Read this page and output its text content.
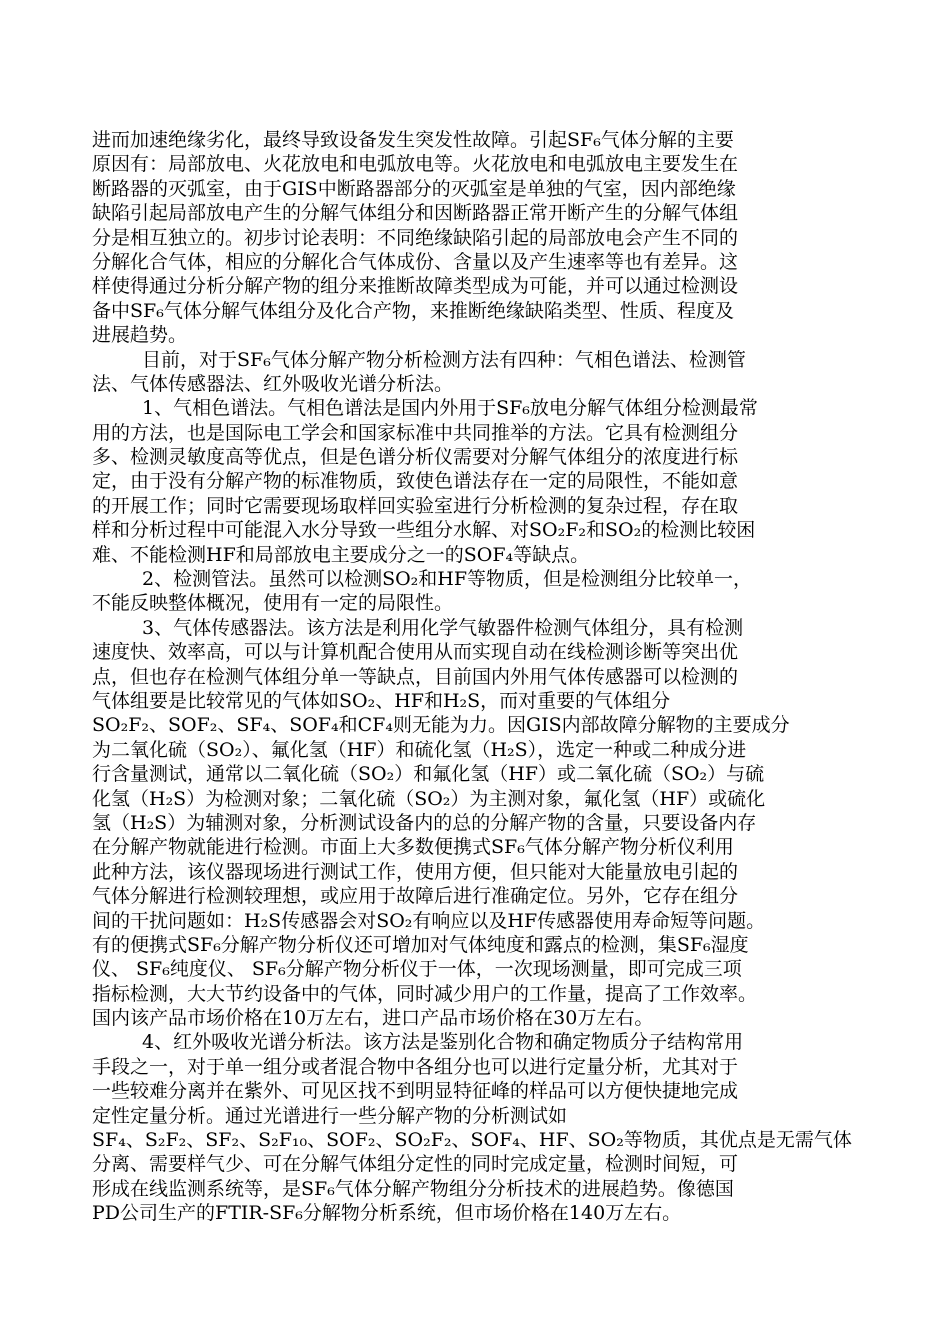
进而加速绝缘劣化，最终导致设备发生突发性故障。引起SF₆气体分解的主要
原因有：局部放电、火花放电和电弧放电等。火花放电和电弧放电主要发生在
断路器的灭弧室，由于GIS中断路器部分的灭弧室是单独的气室，因内部绝缘
缺陷引起局部放电产生的分解气体组分和因断路器正常开断产生的分解气体组
分是相互独立的。初步讨论表明：不同绝缘缺陷引起的局部放电会产生不同的
分解化合气体，相应的分解化合气体成份、含量以及产生速率等也有差异。这
样使得通过分析分解产物的组分来推断故障类型成为可能，并可以通过检测设
备中SF₆气体分解气体组分及化合产物，来推断绝缘缺陷类型、性质、程度及
进展趋势。
目前，对于SF₆气体分解产物分析检测方法有四种：气相色谱法、检测管
法、气体传感器法、红外吸收光谱分析法。
1、气相色谱法。气相色谱法是国内外用于SF₆放电分解气体组分检测最常
用的方法，也是国际电工学会和国家标准中共同推举的方法。它具有检测组分
多、检测灵敏度高等优点，但是色谱分析仪需要对分解气体组分的浓度进行标
定，由于没有分解产物的标准物质，致使色谱法存在一定的局限性，不能如意
的开展工作；同时它需要现场取样回实验室进行分析检测的复杂过程，存在取
样和分析过程中可能混入水分导致一些组分水解、对SO₂F₂和SO₂的检测比较困
难、不能检测HF和局部放电主要成分之一的SOF₄等缺点。
2、检测管法。虽然可以检测SO₂和HF等物质，但是检测组分比较单一，
不能反映整体概况，使用有一定的局限性。
3、气体传感器法。该方法是利用化学气敏器件检测气体组分，具有检测
速度快、效率高，可以与计算机配合使用从而实现自动在线检测诊断等突出优
点，但也存在检测气体组分单一等缺点，目前国内外用气体传感器可以检测的
气体组要是比较常见的气体如SO₂、HF和H₂S，而对重要的气体组分
SO₂F₂、SOF₂、SF₄、SOF₄和CF₄则无能为力。因GIS内部故障分解物的主要成分
为二氧化硫（SO₂）、氟化氢（HF）和硫化氢（H₂S），选定一种或二种成分进
行含量测试，通常以二氧化硫（SO₂）和氟化氢（HF）或二氧化硫（SO₂）与硫
化氢（H₂S）为检测对象；二氧化硫（SO₂）为主测对象，氟化氢（HF）或硫化
氢（H₂S）为辅测对象，分析测试设备内的总的分解产物的含量，只要设备内存
在分解产物就能进行检测。市面上大多数便携式SF₆气体分解产物分析仪利用
此种方法，该仪器现场进行测试工作，使用方便，但只能对大能量放电引起的
气体分解进行检测较理想，或应用于故障后进行准确定位。另外，它存在组分
间的干扰问题如：H₂S传感器会对SO₂有响应以及HF传感器使用寿命短等问题。
有的便携式SF₆分解产物分析仪还可增加对气体纯度和露点的检测，集SF₆湿度
仪、 SF₆纯度仪、 SF₆分解产物分析仪于一体，一次现场测量，即可完成三项
指标检测，大大节约设备中的气体，同时减少用户的工作量，提高了工作效率。
国内该产品市场价格在10万左右，进口产品市场价格在30万左右。
4、红外吸收光谱分析法。该方法是鉴别化合物和确定物质分子结构常用
手段之一，对于单一组分或者混合物中各组分也可以进行定量分析，尤其对于
一些较难分离并在紫外、可见区找不到明显特征峰的样品可以方便快捷地完成
定性定量分析。通过光谱进行一些分解产物的分析测试如
SF₄、S₂F₂、SF₂、S₂F₁₀、SOF₂、SO₂F₂、SOF₄、HF、SO₂等物质，其优点是无需气体
分离、需要样气少、可在分解气体组分定性的同时完成定量，检测时间短，可
形成在线监测系统等，是SF₆气体分解产物组分分析技术的进展趋势。像德国
PD公司生产的FTIR-SF₆分解物分析系统，但市场价格在140万左右。
